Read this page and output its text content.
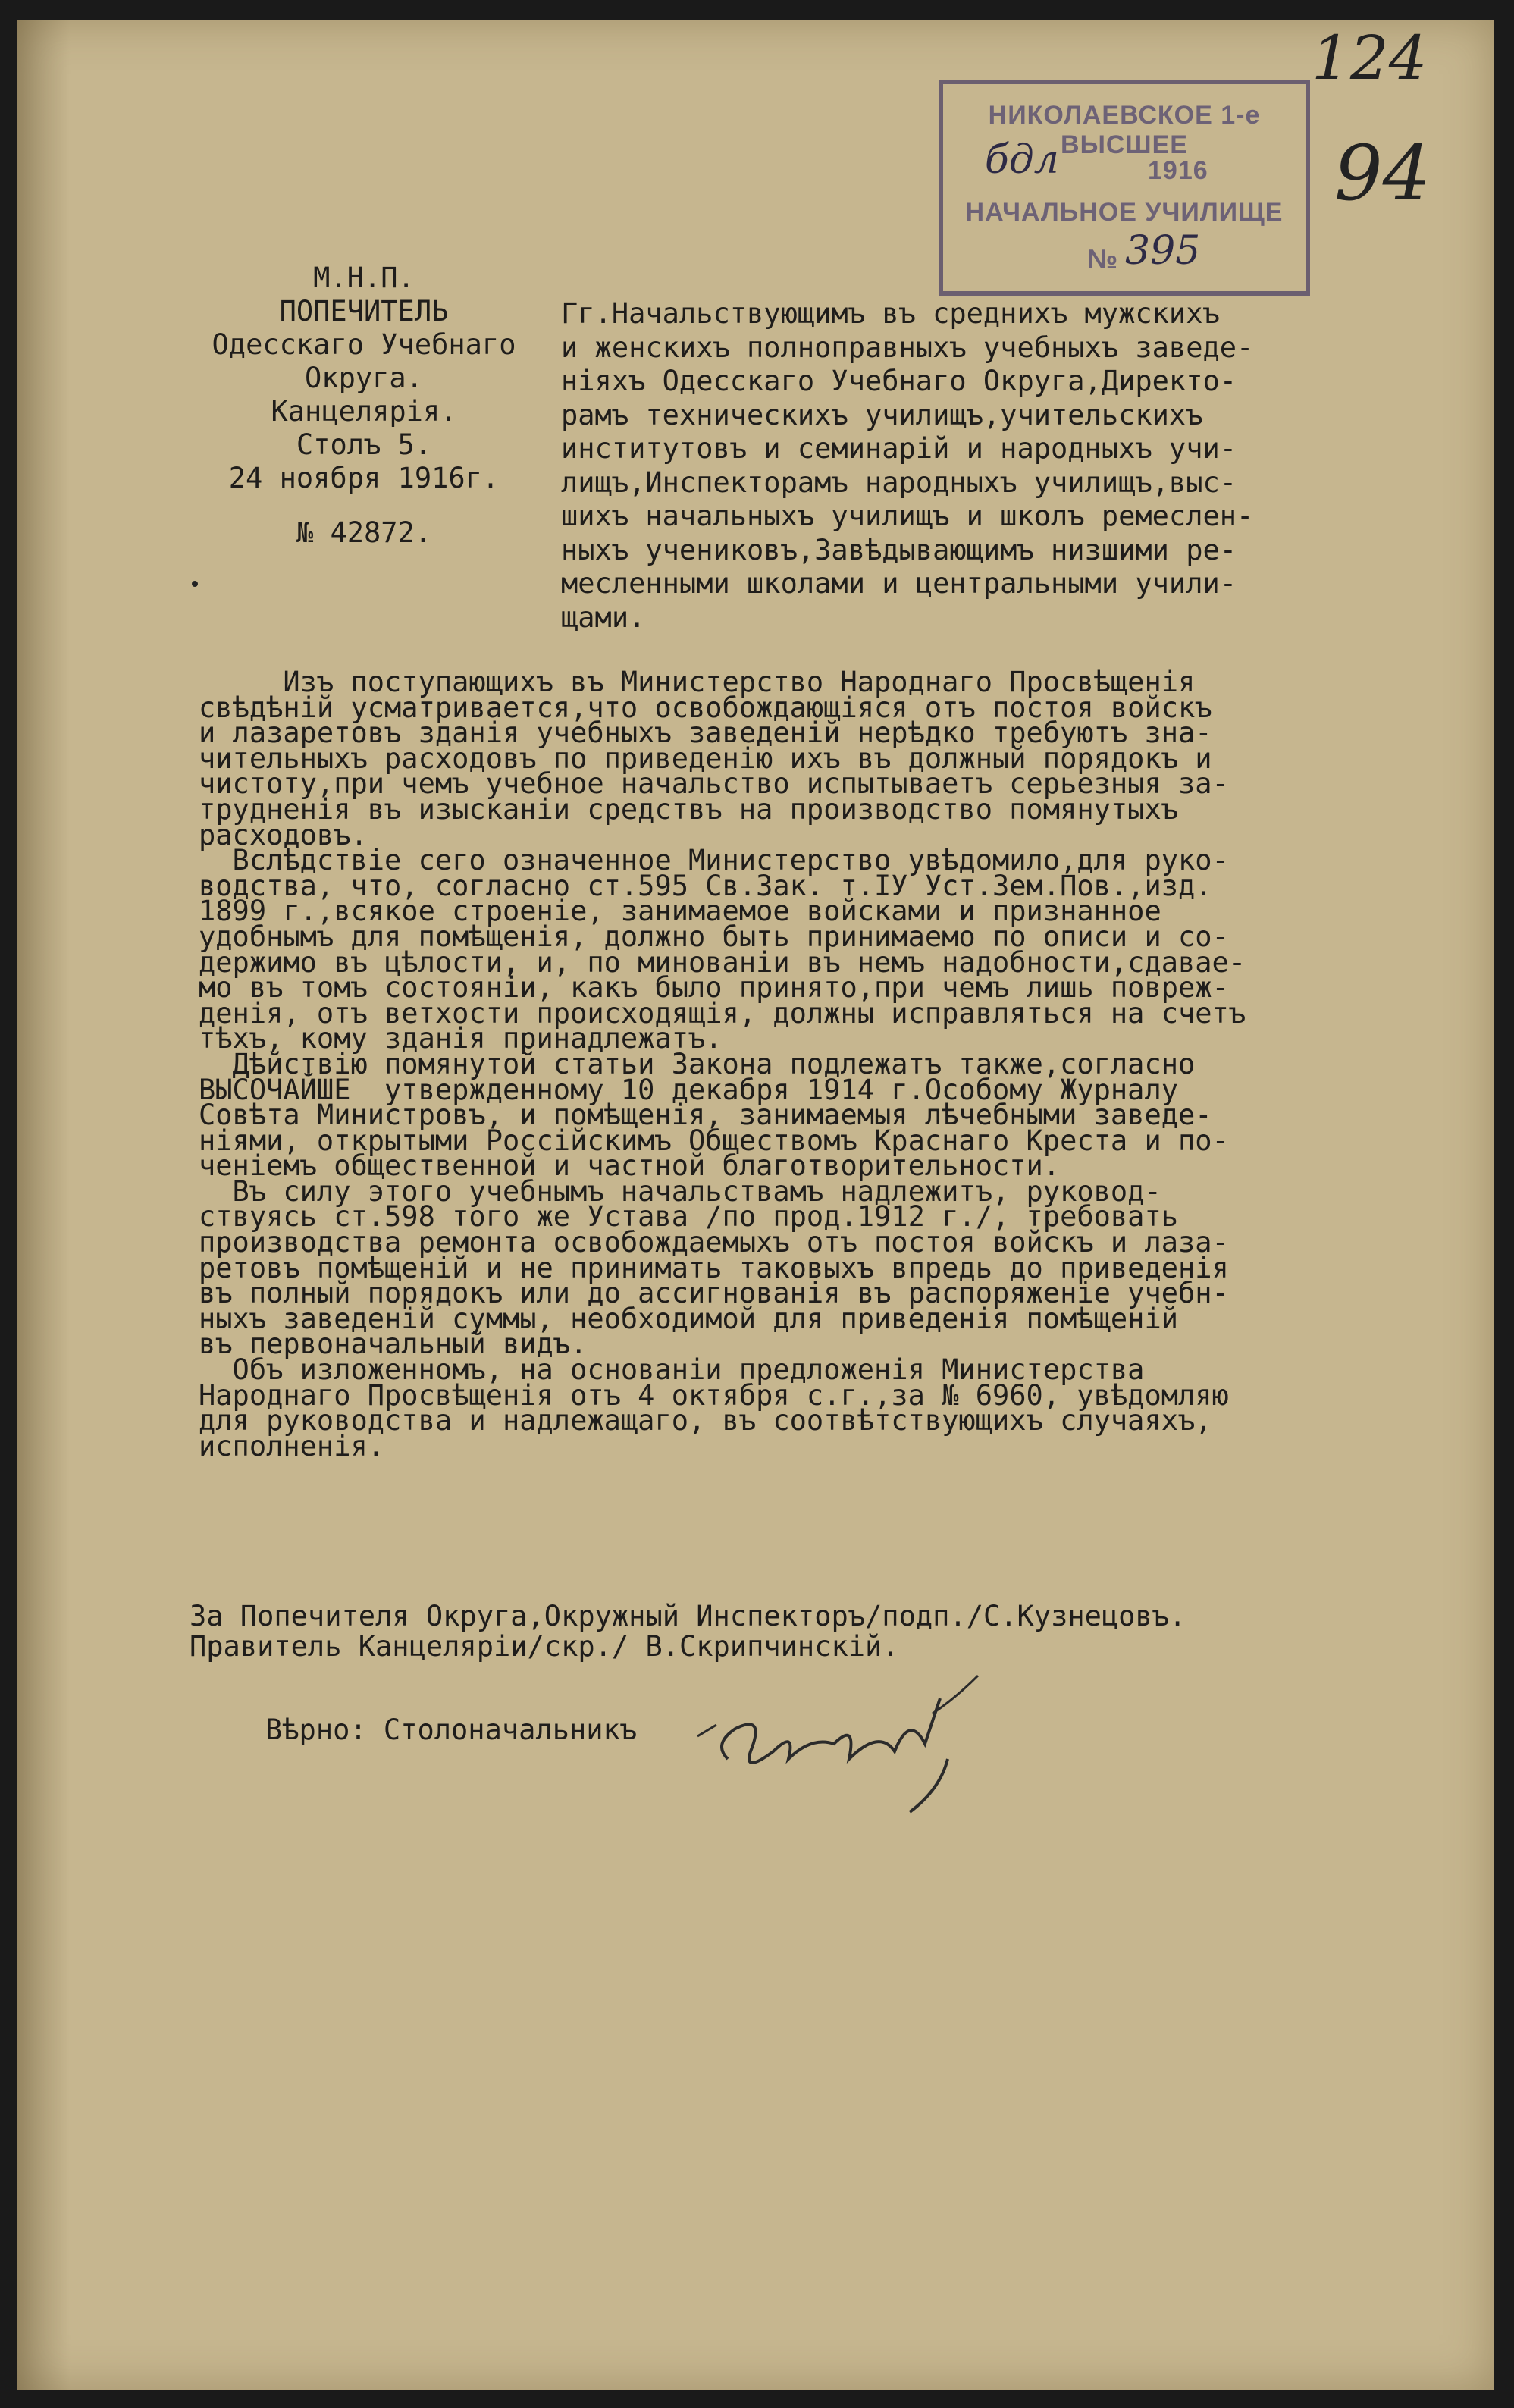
НИКОЛАЕВСКОЕ 1-е ВЫСШЕЕ
бдл	1916
НАЧАЛЬНОЕ УЧИЛИЩЕ
№ 395
124
94
М.Н.П.
ПОПЕЧИТЕЛЬ
Одесскаго Учебнаго
Округа.
Канцелярія.
Столъ 5.
24 ноября 1916г.
№ 42872.
Гг.Начальствующимъ въ среднихъ мужскихъ
и женскихъ полноправныхъ учебныхъ заведе-
ніяхъ Одесскаго Учебнаго Округа,Директо-
рамъ техническихъ училищъ,учительскихъ
институтовъ и семинарій и народныхъ учи-
лищъ,Инспекторамъ народныхъ училищъ,выс-
шихъ начальныхъ училищъ и школъ ремеслен-
ныхъ учениковъ,Завѣдывающимъ низшими ре-
месленными школами и центральными учили-
щами.
Изъ поступающихъ въ Министерство Народнаго Просвѣщенія
свѣдѣній усматривается,что освобождающіяся отъ постоя войскъ
и лазаретовъ зданія учебныхъ заведеній нерѣдко требуютъ зна-
чительныхъ расходовъ по приведенію ихъ въ должный порядокъ и
чистоту,при чемъ учебное начальство испытываетъ серьезныя за-
трудненія въ изысканіи средствъ на производство помянутыхъ
расходовъ.
Вслѣдствіе сего означенное Министерство увѣдомило,для руко-
водства, что, согласно ст.595 Св.Зак. т.IУ Уст.Зем.Пов.,изд.
1899 г.,всякое строеніе, занимаемое войсками и признанное
удобнымъ для помѣщенія, должно быть принимаемо по описи и со-
держимо въ цѣлости, и, по минованіи въ немъ надобности,сдавае-
мо въ томъ состояніи, какъ было принято,при чемъ лишь повреж-
денія, отъ ветхости происходящія, должны исправляться на счетъ
тѣхъ, кому зданія принадлежатъ.
Дѣйствію помянутой статьи Закона подлежатъ также,согласно
ВЫСОЧАЙШЕ  утвержденному 10 декабря 1914 г.Особому Журналу
Совѣта Министровъ, и помѣщенія, занимаемыя лѣчебными заведе-
ніями, открытыми Россійскимъ Обществомъ Краснаго Креста и по-
ченіемъ общественной и частной благотворительности.
Въ силу этого учебнымъ начальствамъ надлежитъ, руковод-
ствуясь ст.598 того же Устава /по прод.1912 г./, требовать
производства ремонта освобождаемыхъ отъ постоя войскъ и лаза-
ретовъ помѣщеній и не принимать таковыхъ впредь до приведенія
въ полный порядокъ или до ассигнованія въ распоряженіе учебн-
ныхъ заведеній суммы, необходимой для приведенія помѣщеній
въ первоначальный видъ.
Объ изложенномъ, на основаніи предложенія Министерства
Народнаго Просвѣщенія отъ 4 октября с.г.,за № 6960, увѣдомляю
для руководства и надлежащаго, въ соотвѣтствующихъ случаяхъ,
исполненія.
За Попечителя Округа,Окружный Инспекторъ/подп./С.Кузнецовъ.
Правитель Канцеляріи/скр./ В.Скрипчинскій.
Вѣрно: Столоначальникъ
